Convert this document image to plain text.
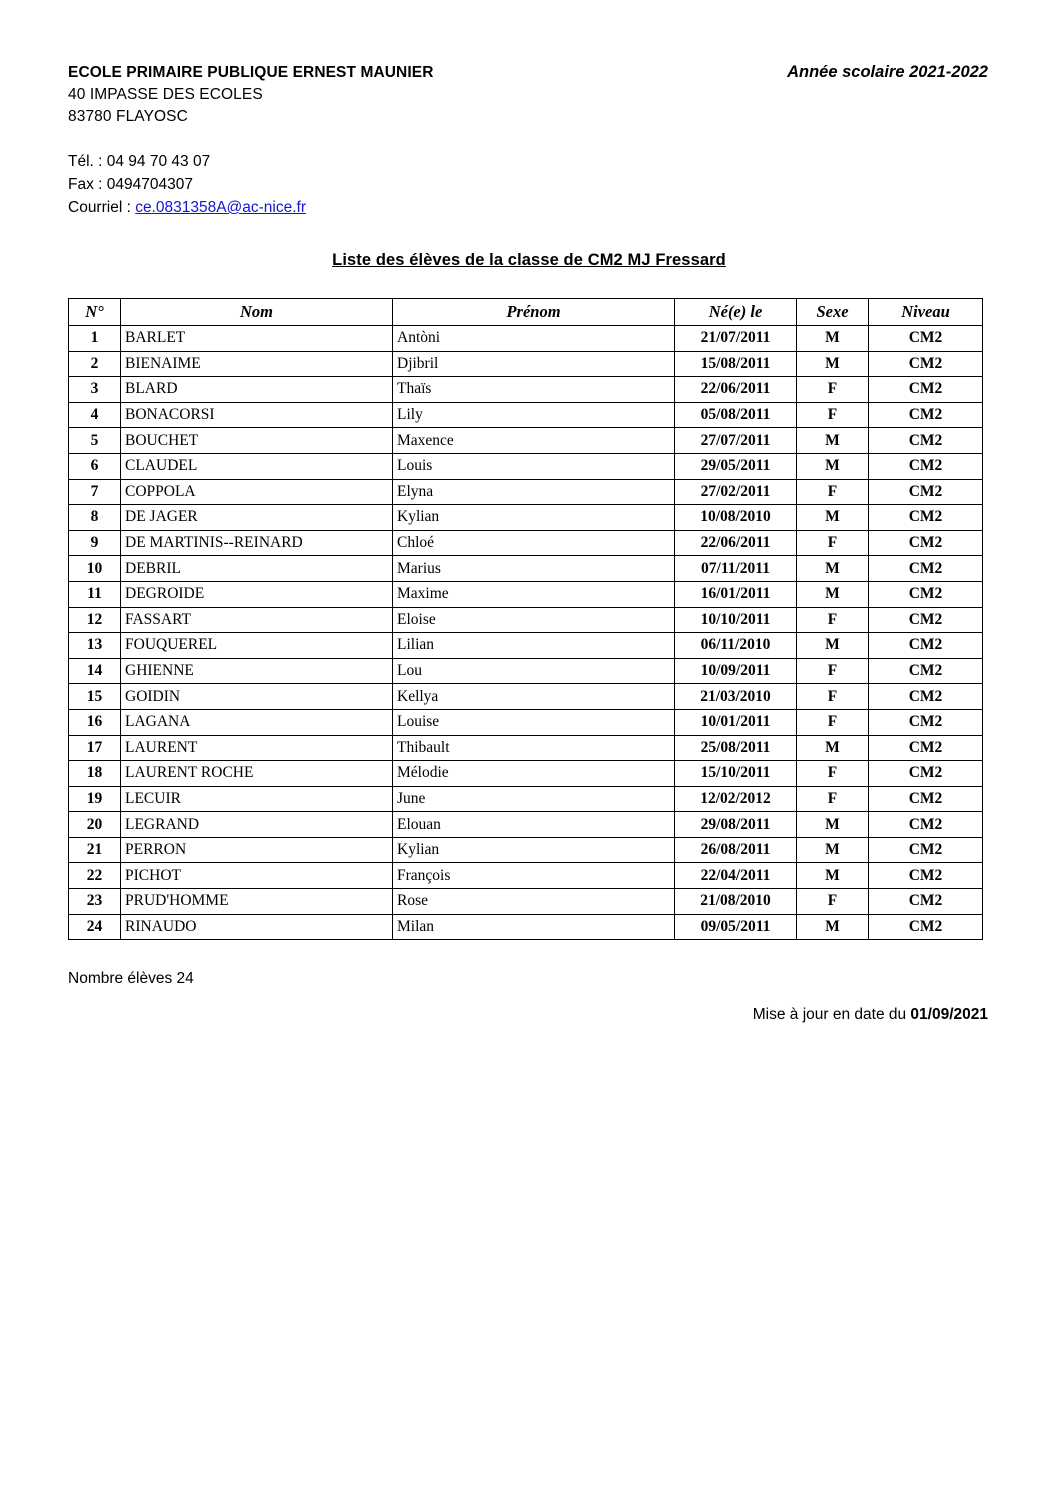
ECOLE PRIMAIRE PUBLIQUE ERNEST MAUNIER
40 IMPASSE DES ECOLES
83780 FLAYOSC
Année scolaire 2021-2022
Tél. : 04 94 70 43 07
Fax : 0494704307
Courriel : ce.0831358A@ac-nice.fr
Liste des élèves de la classe de CM2 MJ Fressard
N°	Nom	Prénom	Né(e) le	Sexe	Niveau
1	BARLET	Antòni	21/07/2011	M	CM2
2	BIENAIME	Djibril	15/08/2011	M	CM2
3	BLARD	Thaïs	22/06/2011	F	CM2
4	BONACORSI	Lily	05/08/2011	F	CM2
5	BOUCHET	Maxence	27/07/2011	M	CM2
6	CLAUDEL	Louis	29/05/2011	M	CM2
7	COPPOLA	Elyna	27/02/2011	F	CM2
8	DE JAGER	Kylian	10/08/2010	M	CM2
9	DE MARTINIS--REINARD	Chloé	22/06/2011	F	CM2
10	DEBRIL	Marius	07/11/2011	M	CM2
11	DEGROIDE	Maxime	16/01/2011	M	CM2
12	FASSART	Eloise	10/10/2011	F	CM2
13	FOUQUEREL	Lilian	06/11/2010	M	CM2
14	GHIENNE	Lou	10/09/2011	F	CM2
15	GOIDIN	Kellya	21/03/2010	F	CM2
16	LAGANA	Louise	10/01/2011	F	CM2
17	LAURENT	Thibault	25/08/2011	M	CM2
18	LAURENT ROCHE	Mélodie	15/10/2011	F	CM2
19	LECUIR	June	12/02/2012	F	CM2
20	LEGRAND	Elouan	29/08/2011	M	CM2
21	PERRON	Kylian	26/08/2011	M	CM2
22	PICHOT	François	22/04/2011	M	CM2
23	PRUD'HOMME	Rose	21/08/2010	F	CM2
24	RINAUDO	Milan	09/05/2011	M	CM2
Nombre élèves 24
Mise à jour en date du 01/09/2021
